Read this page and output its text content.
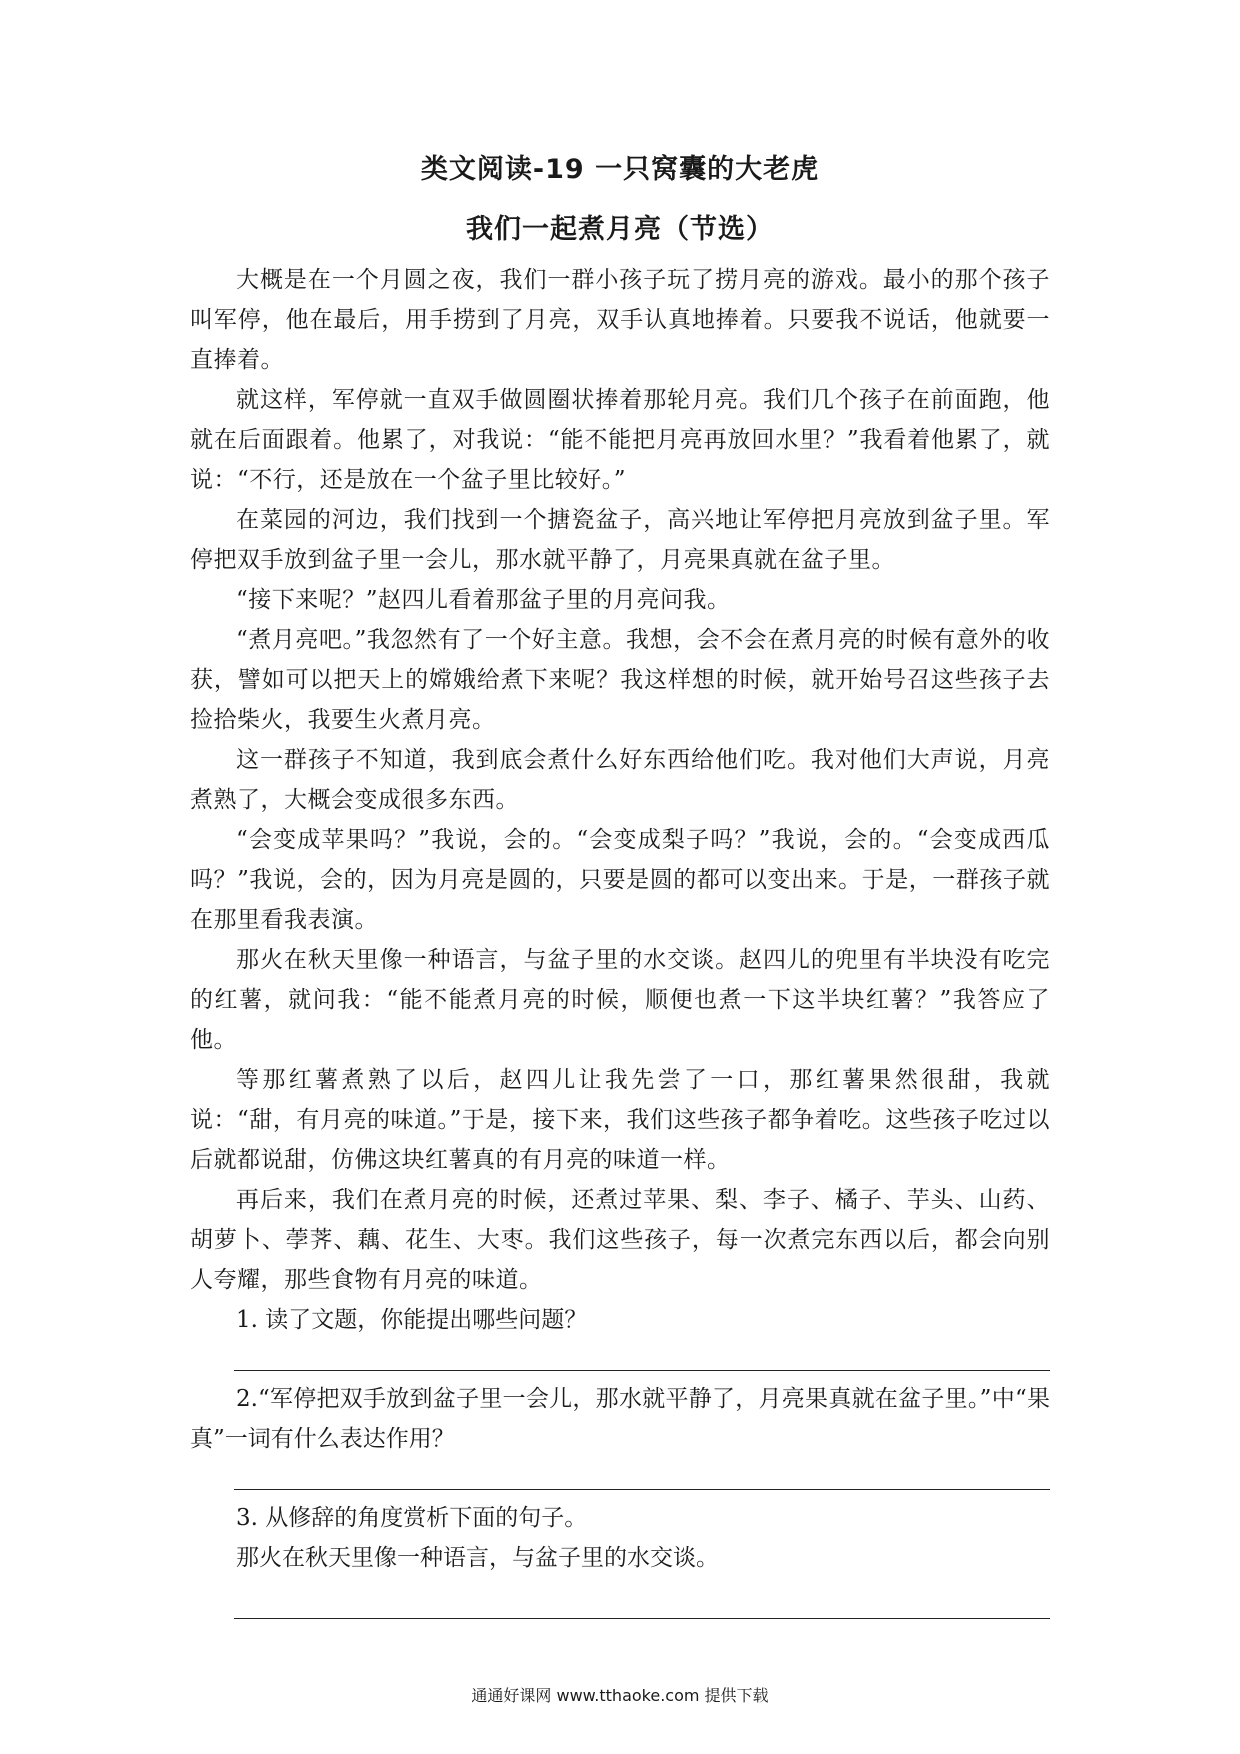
类文阅读-19 一只窝囊的大老虎
我们一起煮月亮（节选）

大概是在一个月圆之夜，我们一群小孩子玩了捞月亮的游戏。最小的那个孩子叫军停，他在最后，用手捞到了月亮，双手认真地捧着。只要我不说话，他就要一直捧着。

就这样，军停就一直双手做圆圈状捧着那轮月亮。我们几个孩子在前面跑，他就在后面跟着。他累了，对我说：“能不能把月亮再放回水里？”我看着他累了，就说：“不行，还是放在一个盆子里比较好。”

在菜园的河边，我们找到一个搪瓷盆子，高兴地让军停把月亮放到盆子里。军停把双手放到盆子里一会儿，那水就平静了，月亮果真就在盆子里。

“接下来呢？”赵四儿看着那盆子里的月亮问我。

“煮月亮吧。”我忽然有了一个好主意。我想，会不会在煮月亮的时候有意外的收获，譬如可以把天上的嫦娥给煮下来呢？我这样想的时候，就开始号召这些孩子去捡拾柴火，我要生火煮月亮。

这一群孩子不知道，我到底会煮什么好东西给他们吃。我对他们大声说，月亮煮熟了，大概会变成很多东西。

“会变成苹果吗？”我说，会的。“会变成梨子吗？”我说，会的。“会变成西瓜吗？”我说，会的，因为月亮是圆的，只要是圆的都可以变出来。于是，一群孩子就在那里看我表演。

那火在秋天里像一种语言，与盆子里的水交谈。赵四儿的兜里有半块没有吃完的红薯，就问我：“能不能煮月亮的时候，顺便也煮一下这半块红薯？”我答应了他。

等那红薯煮熟了以后，赵四儿让我先尝了一口，那红薯果然很甜，我就说：“甜，有月亮的味道。”于是，接下来，我们这些孩子都争着吃。这些孩子吃过以后就都说甜，仿佛这块红薯真的有月亮的味道一样。

再后来，我们在煮月亮的时候，还煮过苹果、梨、李子、橘子、芋头、山药、胡萝卜、荸荠、藕、花生、大枣。我们这些孩子，每一次煮完东西以后，都会向别人夸耀，那些食物有月亮的味道。

1. 读了文题，你能提出哪些问题？

2.“军停把双手放到盆子里一会儿，那水就平静了，月亮果真就在盆子里。”中“果真”一词有什么表达作用？

3. 从修辞的角度赏析下面的句子。

那火在秋天里像一种语言，与盆子里的水交谈。

通通好课网 www.tthaoke.com 提供下载
